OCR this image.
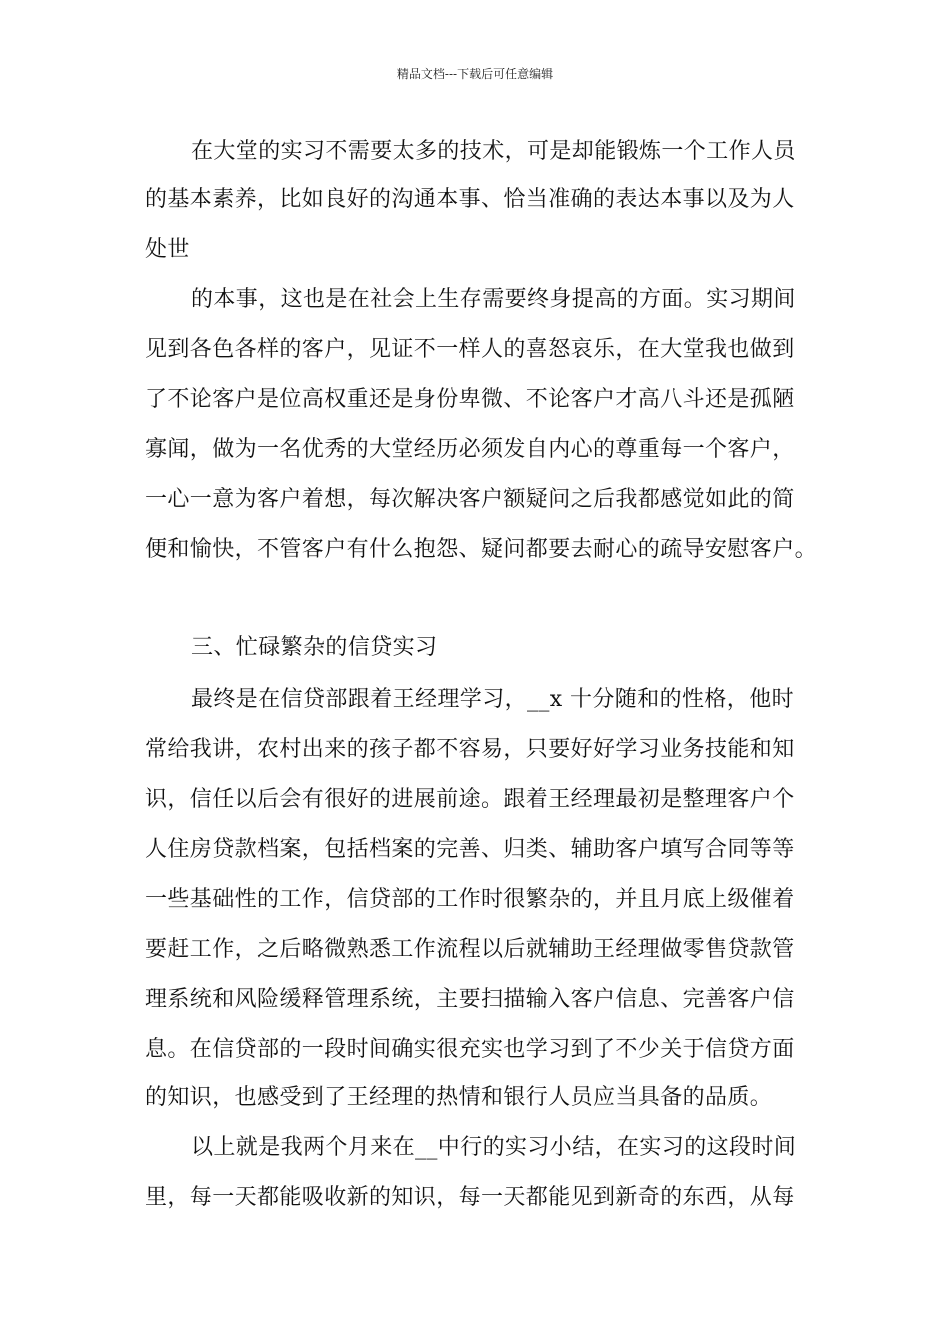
精品文档---下载后可任意编辑
在大堂的实习不需要太多的技术，可是却能锻炼一个工作人员
的基本素养，比如良好的沟通本事、恰当准确的表达本事以及为人
处世
的本事，这也是在社会上生存需要终身提高的方面。实习期间
见到各色各样的客户，见证不一样人的喜怒哀乐，在大堂我也做到
了不论客户是位高权重还是身份卑微、不论客户才高八斗还是孤陋
寡闻，做为一名优秀的大堂经历必须发自内心的尊重每一个客户，
一心一意为客户着想，每次解决客户额疑问之后我都感觉如此的简
便和愉快，不管客户有什么抱怨、疑问都要去耐心的疏导安慰客户。
三、忙碌繁杂的信贷实习
最终是在信贷部跟着王经理学习，__x 十分随和的性格，他时
常给我讲，农村出来的孩子都不容易，只要好好学习业务技能和知
识，信任以后会有很好的进展前途。跟着王经理最初是整理客户个
人住房贷款档案，包括档案的完善、归类、辅助客户填写合同等等
一些基础性的工作，信贷部的工作时很繁杂的，并且月底上级催着
要赶工作，之后略微熟悉工作流程以后就辅助王经理做零售贷款管
理系统和风险缓释管理系统，主要扫描输入客户信息、完善客户信
息。在信贷部的一段时间确实很充实也学习到了不少关于信贷方面
的知识，也感受到了王经理的热情和银行人员应当具备的品质。
以上就是我两个月来在__中行的实习小结，在实习的这段时间
里，每一天都能吸收新的知识，每一天都能见到新奇的东西，从每
